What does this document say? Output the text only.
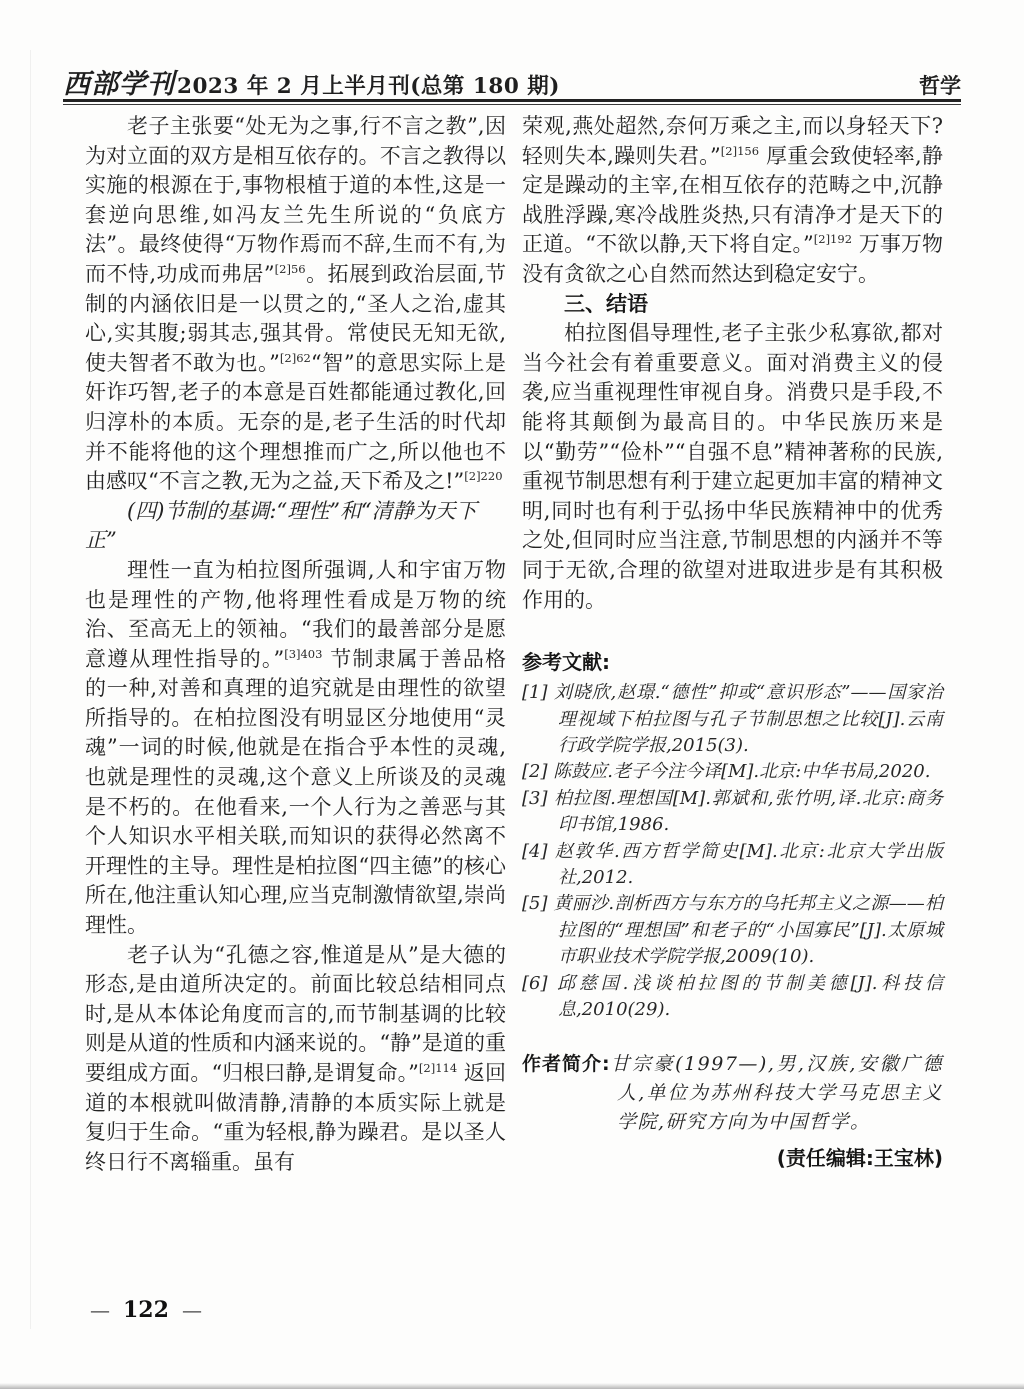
西部学刊2023 年 2 月上半月刊(总第 180 期)	哲学

老子主张要“处无为之事,行不言之教”,因为对立面的双方是相互依存的。不言之教得以实施的根源在于,事物根植于道的本性,这是一套逆向思维,如冯友兰先生所说的“负底方法”。最终使得“万物作焉而不辞,生而不有,为而不恃,功成而弗居”$^{[2]56}$。拓展到政治层面,节制的内涵依旧是一以贯之的,“圣人之治,虚其心,实其腹;弱其志,强其骨。常使民无知无欲,使夫智者不敢为也。”$^{[2]62}$“智”的意思实际上是奸诈巧智,老子的本意是百姓都能通过教化,回归淳朴的本质。无奈的是,老子生活的时代却并不能将他的这个理想推而广之,所以他也不由感叹“不言之教,无为之益,天下希及之!”$^{[2]220}$

(四)节制的基调:“理性”和“清静为天下正”

理性一直为柏拉图所强调,人和宇宙万物也是理性的产物,他将理性看成是万物的统治、至高无上的领袖。“我们的最善部分是愿意遵从理性指导的。”$^{[3]403}$ 节制隶属于善品格的一种,对善和真理的追究就是由理性的欲望所指导的。在柏拉图没有明显区分地使用“灵魂”一词的时候,他就是在指合乎本性的灵魂,也就是理性的灵魂,这个意义上所谈及的灵魂是不朽的。在他看来,一个人行为之善恶与其个人知识水平相关联,而知识的获得必然离不开理性的主导。理性是柏拉图“四主德”的核心所在,他注重认知心理,应当克制激情欲望,崇尚理性。

老子认为“孔德之容,惟道是从”是大德的形态,是由道所决定的。前面比较总结相同点时,是从本体论角度而言的,而节制基调的比较则是从道的性质和内涵来说的。“静”是道的重要组成方面。“归根曰静,是谓复命。”$^{[2]114}$ 返回道的本根就叫做清静,清静的本质实际上就是复归于生命。“重为轻根,静为躁君。是以圣人终日行不离辎重。虽有

荣观,燕处超然,奈何万乘之主,而以身轻天下? 轻则失本,躁则失君。”$^{[2]156}$ 厚重会致使轻率,静定是躁动的主宰,在相互依存的范畴之中,沉静战胜浮躁,寒冷战胜炎热,只有清净才是天下的正道。“不欲以静,天下将自定。”$^{[2]192}$ 万事万物没有贪欲之心自然而然达到稳定安宁。

三、结语

柏拉图倡导理性,老子主张少私寡欲,都对当今社会有着重要意义。面对消费主义的侵袭,应当重视理性审视自身。消费只是手段,不能将其颠倒为最高目的。中华民族历来是以“勤劳”“俭朴”“自强不息”精神著称的民族,重视节制思想有利于建立起更加丰富的精神文明,同时也有利于弘扬中华民族精神中的优秀之处,但同时应当注意,节制思想的内涵并不等同于无欲,合理的欲望对进取进步是有其积极作用的。

参考文献:

[1] 刘晓欣,赵璟.“德性”抑或“意识形态”——国家治理视域下柏拉图与孔子节制思想之比较[J].云南行政学院学报,2015(3).

[2] 陈鼓应.老子今注今译[M].北京:中华书局,2020.

[3] 柏拉图.理想国[M].郭斌和,张竹明,译.北京:商务印书馆,1986.

[4] 赵敦华.西方哲学简史[M].北京:北京大学出版社,2012.

[5] 黄丽沙.剖析西方与东方的乌托邦主义之源——柏拉图的“理想国”和老子的“小国寡民”[J].太原城市职业技术学院学报,2009(10).

[6] 邱慈国.浅谈柏拉图的节制美德[J].科技信息,2010(29).

作者简介:甘宗豪(1997—),男,汉族,安徽广德人,单位为苏州科技大学马克思主义学院,研究方向为中国哲学。

(责任编辑:王宝林)

— 122 —
